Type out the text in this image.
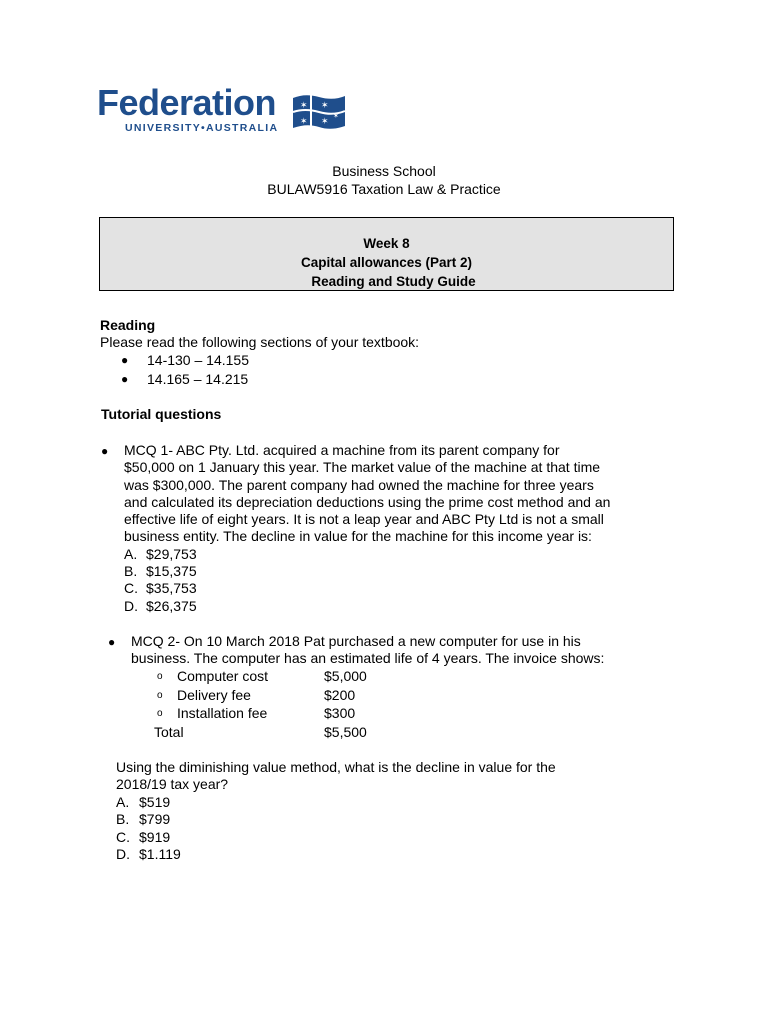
Federation
UNIVERSITY•AUSTRALIA
✶ ✶
✶ ✶
✶
Business School
BULAW5916 Taxation Law & Practice
Week 8
Capital allowances (Part 2)
Reading and Study Guide
Reading
Please read the following sections of your textbook:
● 14-130 – 14.155
● 14.165 – 14.215
Tutorial questions
● MCQ 1- ABC Pty. Ltd. acquired a machine from its parent company for
$50,000 on 1 January this year. The market value of the machine at that time
was $300,000. The parent company had owned the machine for three years
and calculated its depreciation deductions using the prime cost method and an
effective life of eight years. It is not a leap year and ABC Pty Ltd is not a small
business entity. The decline in value for the machine for this income year is:
A. $29,753
B. $15,375
C. $35,753
D. $26,375
● MCQ 2- On 10 March 2018 Pat purchased a new computer for use in his
business. The computer has an estimated life of 4 years. The invoice shows:
o Computer cost	$5,000
o Delivery fee	$200
o Installation fee	$300
Total	$5,500
Using the diminishing value method, what is the decline in value for the
2018/19 tax year?
A. $519
B. $799
C. $919
D. $1.119
